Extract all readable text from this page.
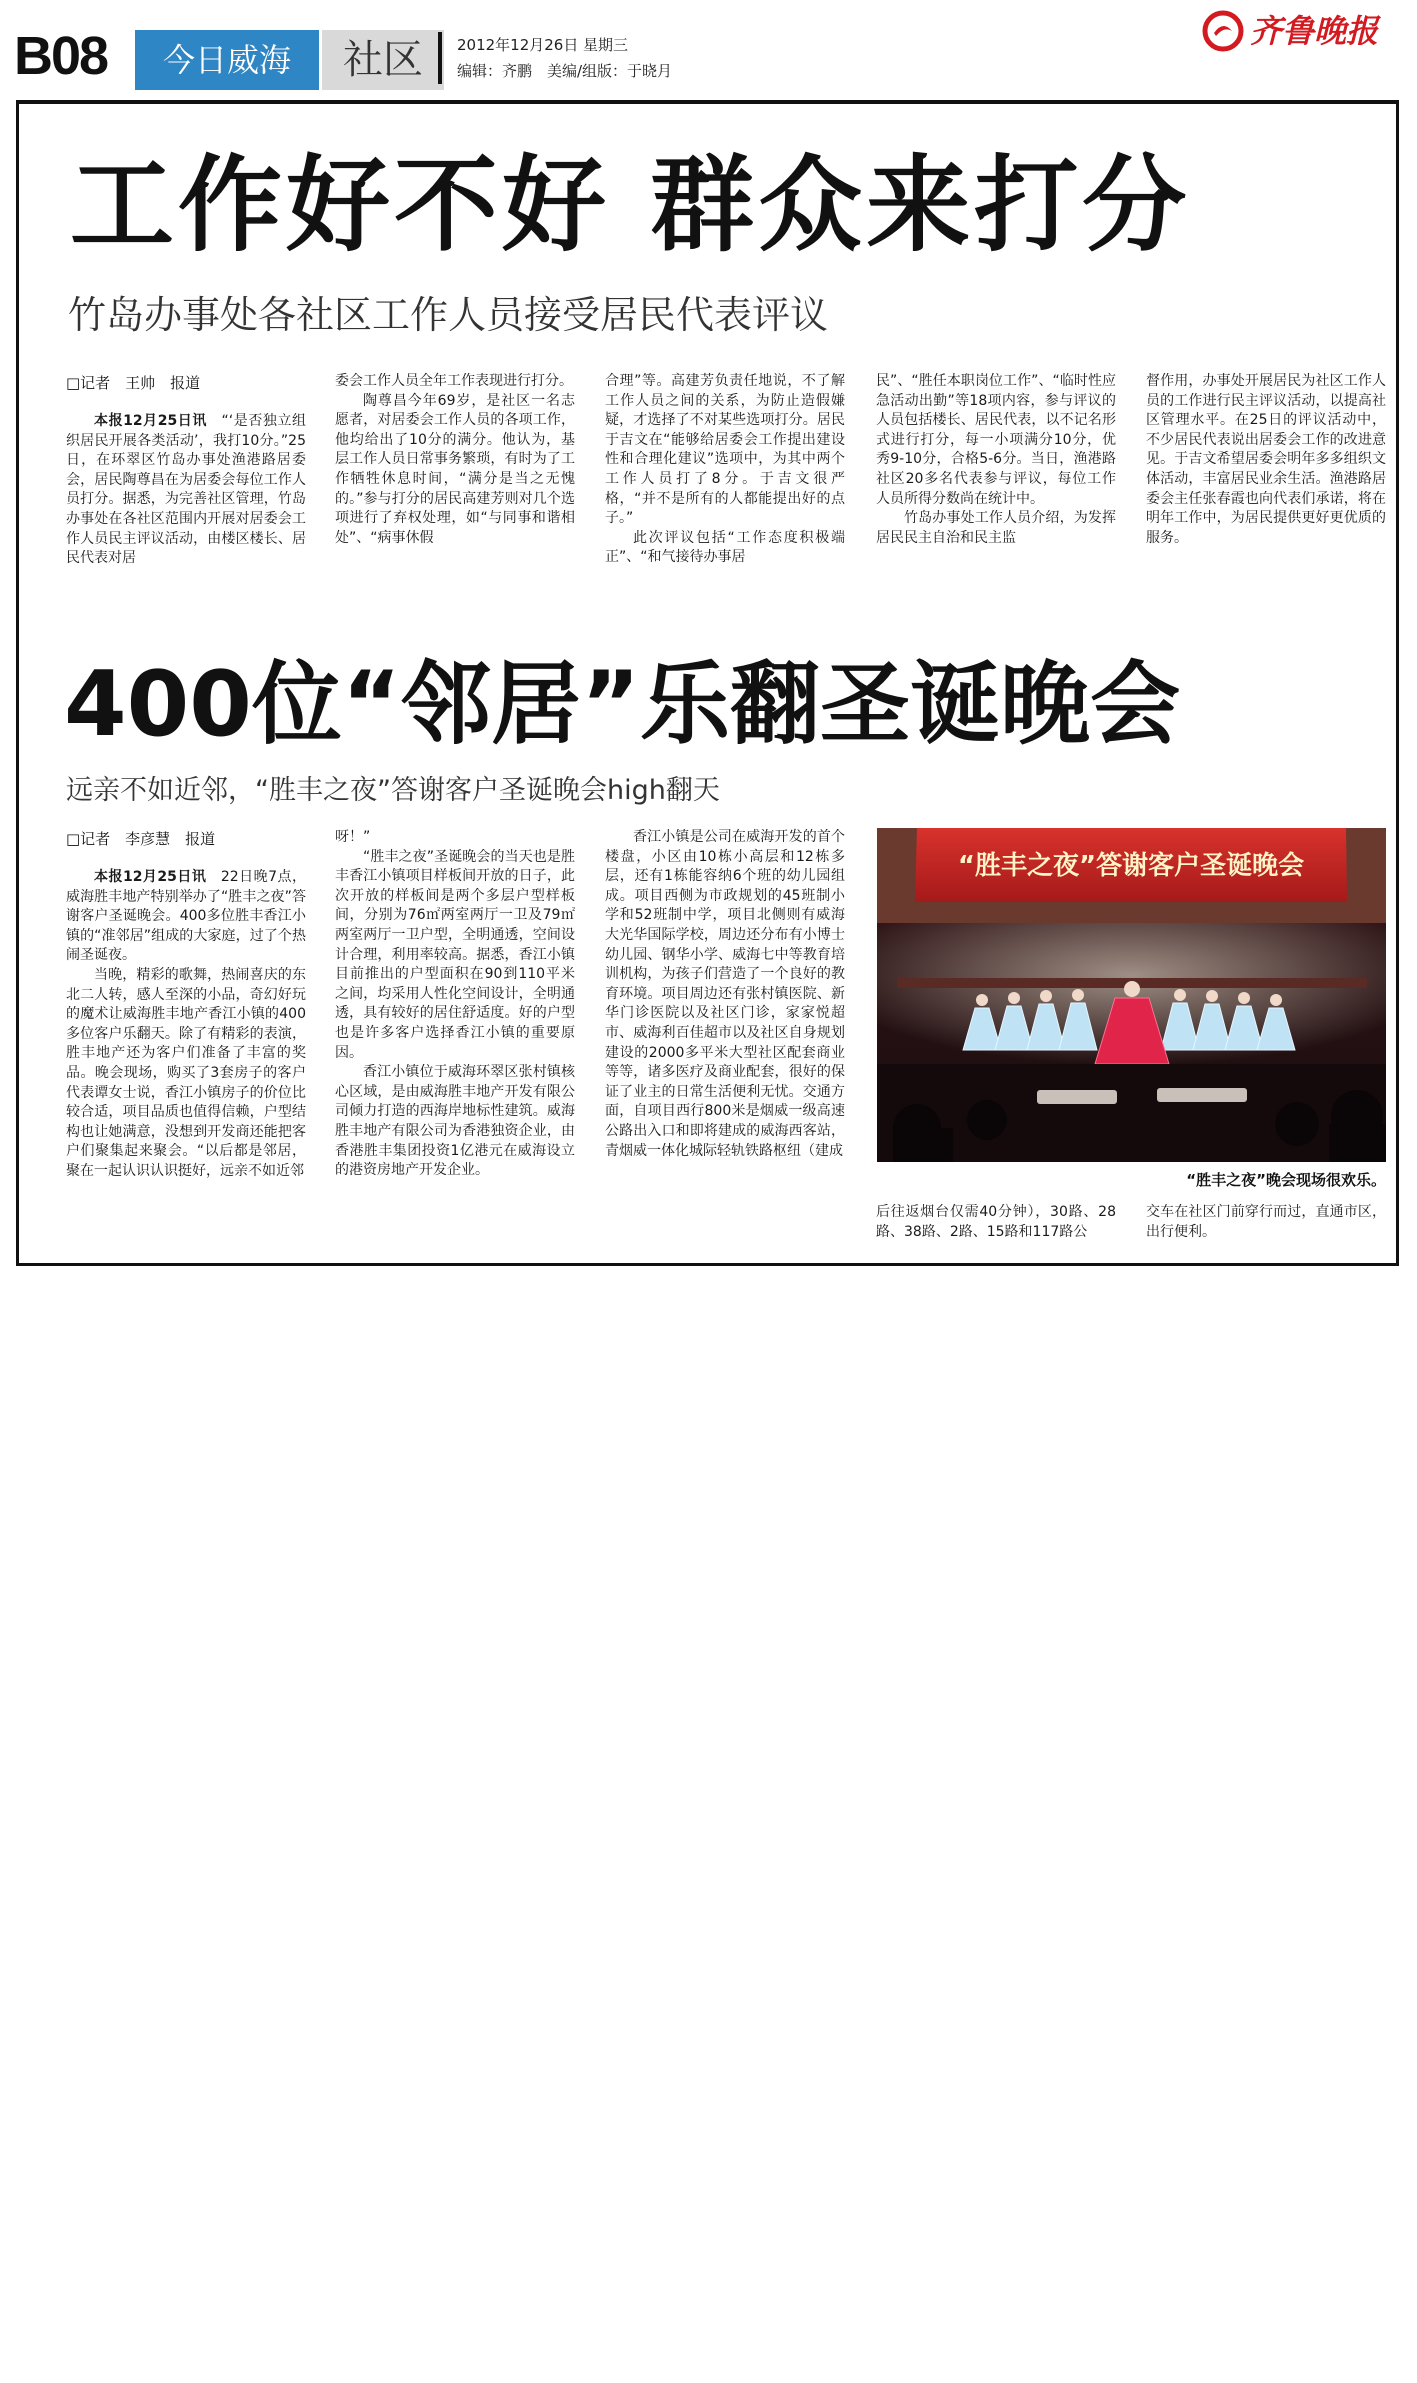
B08	今日威海	社区	2012年12月26日 星期三
编辑：齐鹏　美编/组版：于晓月
齐鲁晚报
工作好不好 群众来打分
竹岛办事处各社区工作人员接受居民代表评议
□记者　王帅　报道

本报12月25日讯　 “‘是否独立组织居民开展各类活动’，我打10分。”25日，在环翠区竹岛办事处渔港路居委会，居民陶尊昌在为居委会每位工作人员打分。据悉，为完善社区管理，竹岛办事处在各社区范围内开展对居委会工作人员民主评议活动，由楼区楼长、居民代表对居

委会工作人员全年工作表现进行打分。

陶尊昌今年69岁，是社区一名志愿者，对居委会工作人员的各项工作，他均给出了10分的满分。他认为，基层工作人员日常事务繁琐，有时为了工作牺牲休息时间，“满分是当之无愧的。”参与打分的居民高建芳则对几个选项进行了弃权处理，如“与同事和谐相处”、“病事休假

合理”等。高建芳负责任地说，不了解工作人员之间的关系，为防止造假嫌疑，才选择了不对某些选项打分。居民于吉文在“能够给居委会工作提出建设性和合理化建议”选项中，为其中两个工作人员打了8分。于吉文很严格，“并不是所有的人都能提出好的点子。”

此次评议包括“工作态度积极端正”、“和气接待办事居

民”、“胜任本职岗位工作”、“临时性应急活动出勤”等18项内容，参与评议的人员包括楼长、居民代表，以不记名形式进行打分，每一小项满分10分，优秀9-10分，合格5-6分。当日，渔港路社区20多名代表参与评议，每位工作人员所得分数尚在统计中。

竹岛办事处工作人员介绍，为发挥居民民主自治和民主监

督作用，办事处开展居民为社区工作人员的工作进行民主评议活动，以提高社区管理水平。在25日的评议活动中，不少居民代表说出居委会工作的改进意见。于吉文希望居委会明年多多组织文体活动，丰富居民业余生活。渔港路居委会主任张春霞也向代表们承诺，将在明年工作中，为居民提供更好更优质的服务。

400位“邻居”乐翻圣诞晚会
远亲不如近邻，“胜丰之夜”答谢客户圣诞晚会high翻天
□记者　李彦慧　报道

本报12月25日讯　 22日晚7点，威海胜丰地产特别举办了“胜丰之夜”答谢客户圣诞晚会。400多位胜丰香江小镇的“准邻居”组成的大家庭，过了个热闹圣诞夜。

当晚，精彩的歌舞，热闹喜庆的东北二人转，感人至深的小品，奇幻好玩的魔术让威海胜丰地产香江小镇的400多位客户乐翻天。除了有精彩的表演，胜丰地产还为客户们准备了丰富的奖品。晚会现场，购买了3套房子的客户代表谭女士说，香江小镇房子的价位比较合适，项目品质也值得信赖，户型结构也让她满意，没想到开发商还能把客户们聚集起来聚会。“以后都是邻居，聚在一起认识认识挺好，远亲不如近邻

呀！”

“胜丰之夜”圣诞晚会的当天也是胜丰香江小镇项目样板间开放的日子，此次开放的样板间是两个多层户型样板间，分别为76㎡两室两厅一卫及79㎡两室两厅一卫户型，全明通透，空间设计合理，利用率较高。据悉，香江小镇目前推出的户型面积在90到110平米之间，均采用人性化空间设计，全明通透，具有较好的居住舒适度。好的户型也是许多客户选择香江小镇的重要原因。

香江小镇位于威海环翠区张村镇核心区域，是由威海胜丰地产开发有限公司倾力打造的西海岸地标性建筑。威海胜丰地产有限公司为香港独资企业，由香港胜丰集团投资1亿港元在威海设立的港资房地产开发企业。

香江小镇是公司在威海开发的首个楼盘，小区由10栋小高层和12栋多层，还有1栋能容纳6个班的幼儿园组成。项目西侧为市政规划的45班制小学和52班制中学，项目北侧则有威海大光华国际学校，周边还分布有小博士幼儿园、钢华小学、威海七中等教育培训机构，为孩子们营造了一个良好的教育环境。项目周边还有张村镇医院、新华门诊医院以及社区门诊，家家悦超市、威海利百佳超市以及社区自身规划建设的2000多平米大型社区配套商业等等，诸多医疗及商业配套，很好的保证了业主的日常生活便利无忧。交通方面，自项目西行800米是烟威一级高速公路出入口和即将建成的威海西客站，青烟威一体化城际轻轨铁路枢纽（建成

后往返烟台仅需40分钟），30路、28路、38路、2路、15路和117路公

交车在社区门前穿行而过，直通市区，出行便利。

“胜丰之夜”答谢客户圣诞晚会
“胜丰之夜”晚会现场很欢乐。
